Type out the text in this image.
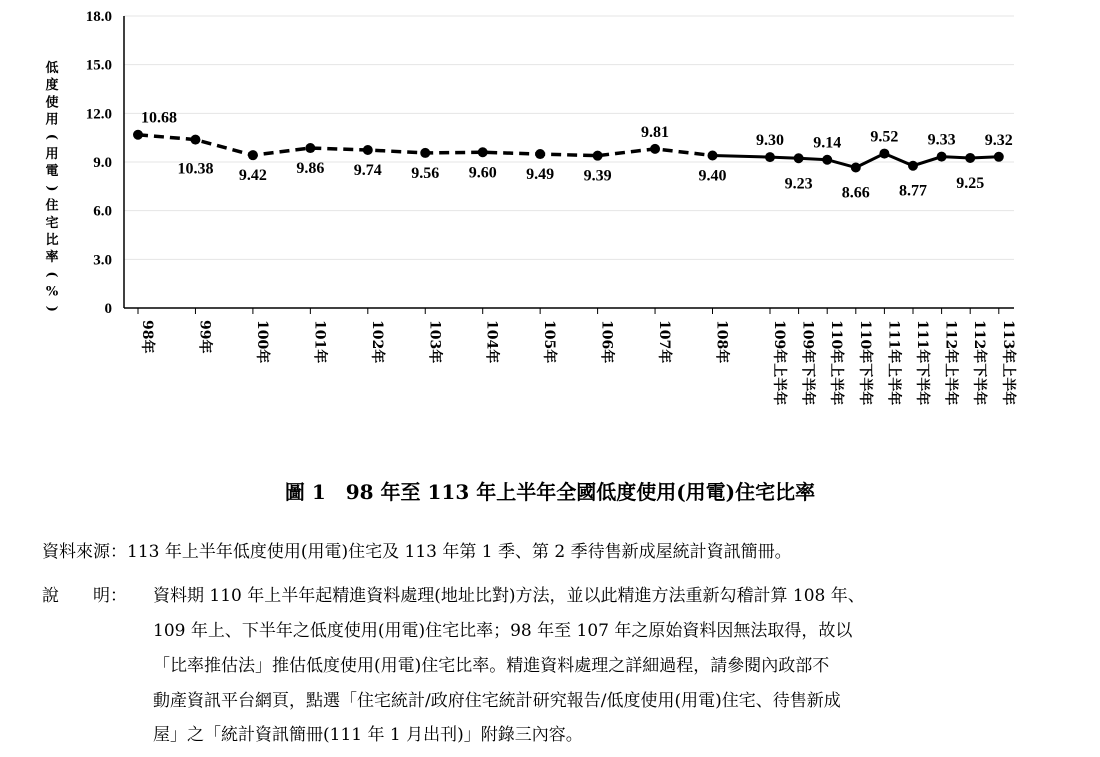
0
3.0
6.0
9.0
12.0
15.0
18.0
低
度
使
用
(
用
電
)
住
宅
比
率
(
%
)
10.68
10.38 9.42 9.86 9.74 9.56 9.60 9.49 9.39
9.81
9.40
9.30
9.23
9.14
8.66
9.52
8.77
9.33
9.25
9.32
98年	99年	100年	101年	102年	103年	104年	105年	106年	107年	108年	109年上半年 109年下半年 110年上半年 110年下半年 111年上半年 111年下半年 112年上半年 112年下半年 113年上半年
圖 1　98 年至 113 年上半年全國低度使用(用電)住宅比率
資料來源：113 年上半年低度使用(用電)住宅及 113 年第 1 季、第 2 季待售新成屋統計資訊簡冊。
說　　明： 資料期 110 年上半年起精進資料處理(地址比對)方法，並以此精進方法重新勾稽計算 108 年、
109 年上、下半年之低度使用(用電)住宅比率；98 年至 107 年之原始資料因無法取得，故以
「比率推估法」推估低度使用(用電)住宅比率。精進資料處理之詳細過程，請參閱內政部不
動產資訊平台網頁，點選「住宅統計/政府住宅統計研究報告/低度使用(用電)住宅、待售新成
屋」之「統計資訊簡冊(111 年 1 月出刊)」附錄三內容。
